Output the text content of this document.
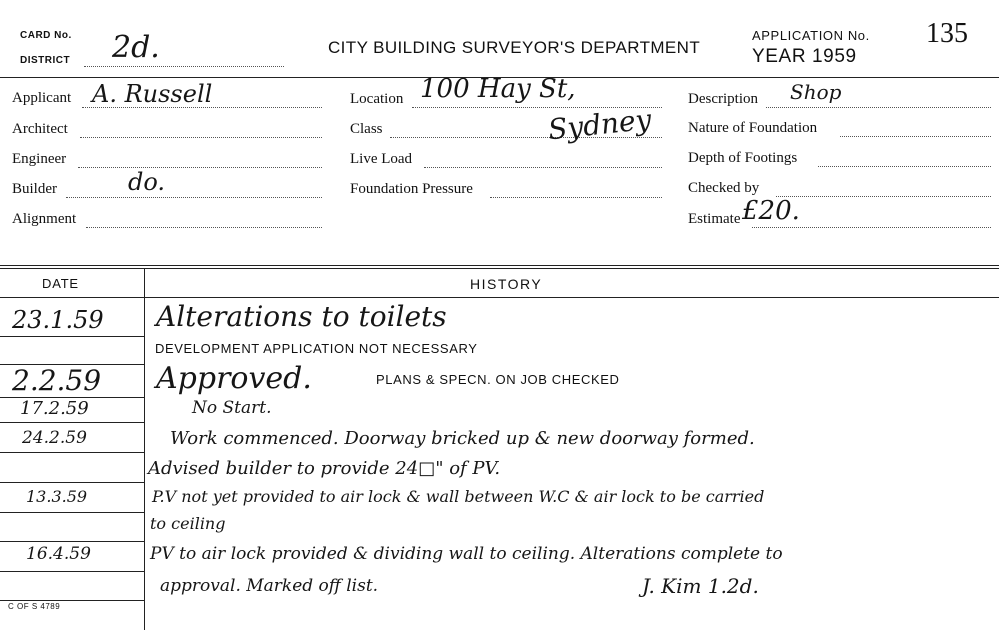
CARD No.
DISTRICT 2d.	CITY BUILDING SURVEYOR'S DEPARTMENT
APPLICATION No.
YEAR 1959
135
Applicant A. Russell
Architect
Engineer
Builder	do.
Alignment
Location 100 Hay St,
Class	Sydney
Live Load
Foundation Pressure
Description Shop
Nature of Foundation
Depth of Footings
Checked by
Estimate £20.
DATE	HISTORY
23.1.59 Alterations to toilets
DEVELOPMENT APPLICATION NOT NECESSARY
2.2.59 Approved.	PLANS & SPECN. ON JOB CHECKED
17.2.59	No Start.
24.2.59	Work commenced. Doorway bricked up & new doorway formed.
Advised builder to provide 24□" of PV.
13.3.59	P.V not yet provided to air lock & wall between W.C & air lock to be carried
to ceiling
16.4.59	PV to air lock provided & dividing wall to ceiling. Alterations complete to
approval. Marked off list.	J. Kim 1.2d.
C OF S 4789
